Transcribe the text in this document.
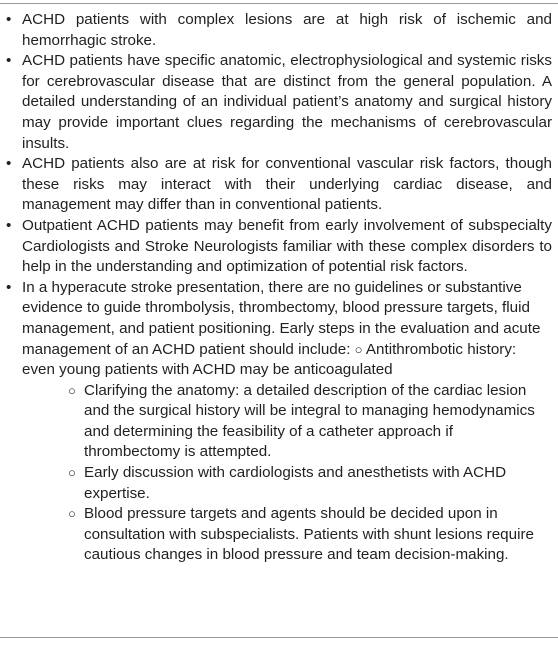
• ACHD patients with complex lesions are at high risk of ischemic and hemorrhagic stroke.
• ACHD patients have specific anatomic, electrophysiological and systemic risks for cerebrovascular disease that are distinct from the general population. A detailed understanding of an individual patient’s anatomy and surgical history may provide important clues regarding the mechanisms of cerebrovascular insults.
• ACHD patients also are at risk for conventional vascular risk factors, though these risks may interact with their underlying cardiac disease, and management may differ than in conventional patients.
• Outpatient ACHD patients may benefit from early involvement of subspecialty Cardiologists and Stroke Neurologists familiar with these complex disorders to help in the understanding and optimization of potential risk factors.
• In a hyperacute stroke presentation, there are no guidelines or substantive evidence to guide thrombolysis, thrombectomy, blood pressure targets, fluid management, and patient positioning. Early steps in the evaluation and acute management of an ACHD patient should include: ○ Antithrombotic history: even young patients with ACHD may be anticoagulated
○ Clarifying the anatomy: a detailed description of the cardiac lesion and the surgical history will be integral to managing hemodynamics and determining the feasibility of a catheter approach if thrombectomy is attempted.
○ Early discussion with cardiologists and anesthetists with ACHD expertise.
○ Blood pressure targets and agents should be decided upon in consultation with subspecialists. Patients with shunt lesions require cautious changes in blood pressure and team decision-making.
